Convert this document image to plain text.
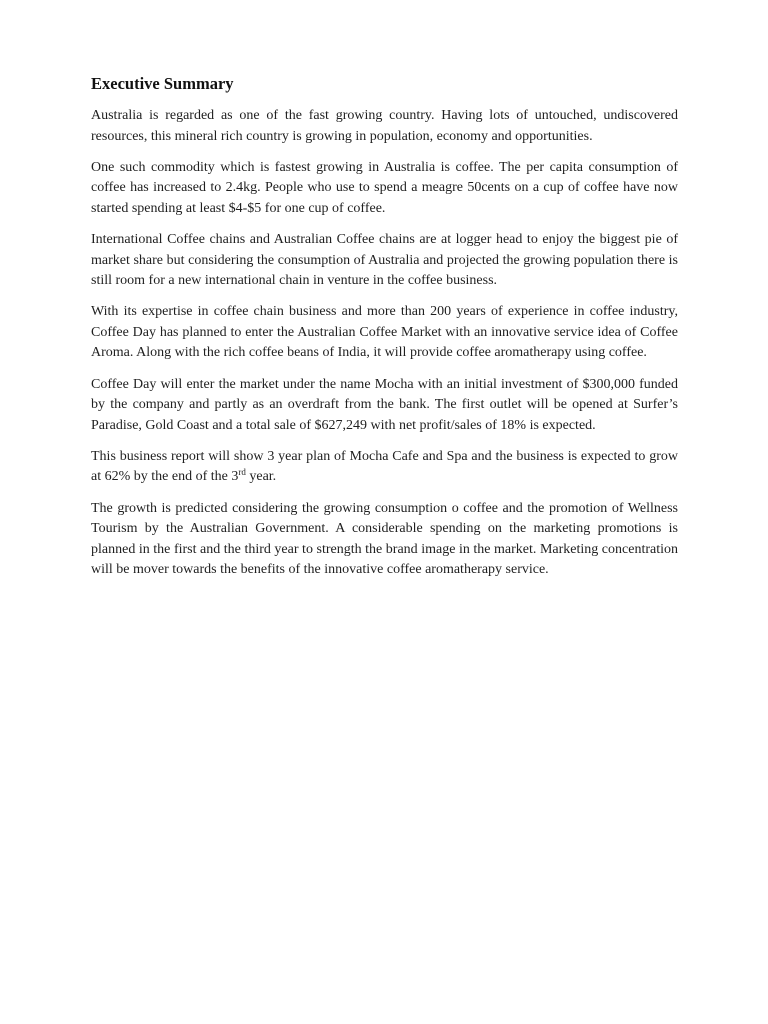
Executive Summary

Australia is regarded as one of the fast growing country. Having lots of untouched, undiscovered resources, this mineral rich country is growing in population, economy and opportunities.

One such commodity which is fastest growing in Australia is coffee. The per capita consumption of coffee has increased to 2.4kg. People who use to spend a meagre 50cents on a cup of coffee have now started spending at least $4-$5 for one cup of coffee.

International Coffee chains and Australian Coffee chains are at logger head to enjoy the biggest pie of market share but considering the consumption of Australia and projected the growing population there is still room for a new international chain in venture in the coffee business.

With its expertise in coffee chain business and more than 200 years of experience in coffee industry, Coffee Day has planned to enter the Australian Coffee Market with an innovative service idea of Coffee Aroma. Along with the rich coffee beans of India, it will provide coffee aromatherapy using coffee.

Coffee Day will enter the market under the name Mocha with an initial investment of $300,000 funded by the company and partly as an overdraft from the bank. The first outlet will be opened at Surfer’s Paradise, Gold Coast and a total sale of $627,249 with net profit/sales of 18% is expected.

This business report will show 3 year plan of Mocha Cafe and Spa and the business is expected to grow at 62% by the end of the 3rd year.

The growth is predicted considering the growing consumption o coffee and the promotion of Wellness Tourism by the Australian Government. A considerable spending on the marketing promotions is planned in the first and the third year to strength the brand image in the market. Marketing concentration will be mover towards the benefits of the innovative coffee aromatherapy service.
